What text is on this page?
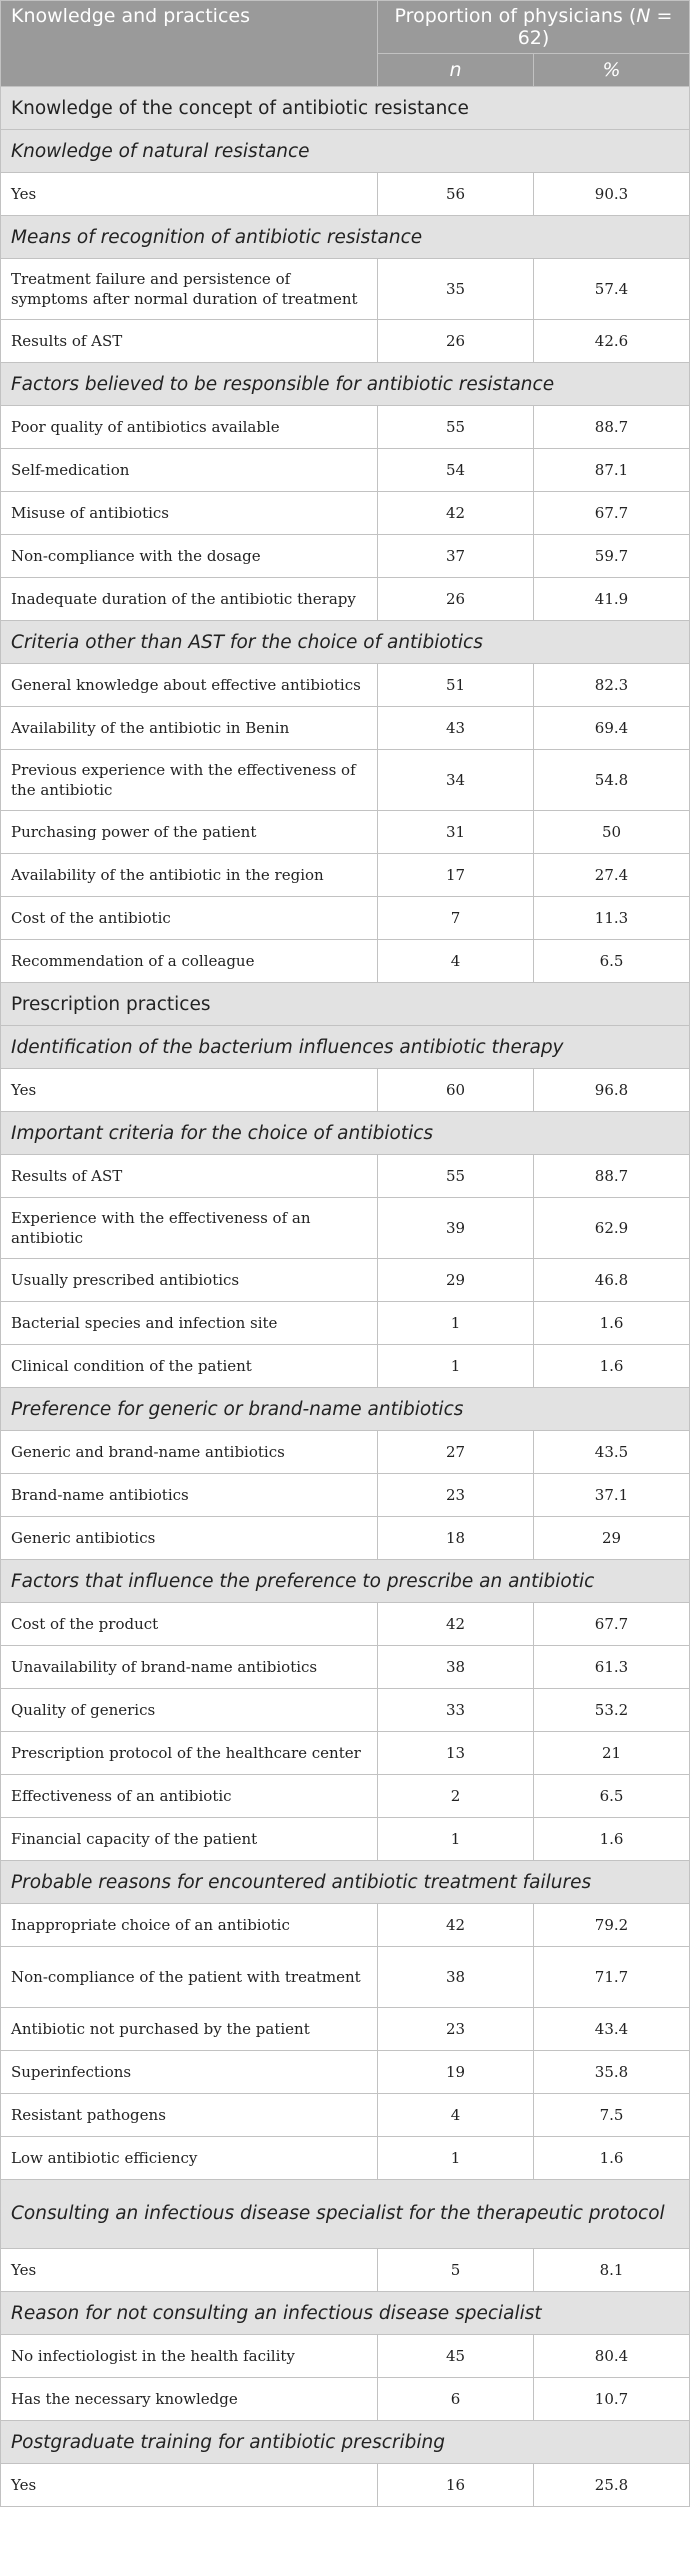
Knowledge and practices	Proportion of physicians (N = 62)	
	n	%
Knowledge of the concept of antibiotic resistance		
Knowledge of natural resistance		
Yes	56	90.3
Means of recognition of antibiotic resistance		
Treatment failure and persistence of symptoms after normal duration of treatment	35	57.4
Results of AST	26	42.6
Factors believed to be responsible for antibiotic resistance		
Poor quality of antibiotics available	55	88.7
Self-medication	54	87.1
Misuse of antibiotics	42	67.7
Non-compliance with the dosage	37	59.7
Inadequate duration of the antibiotic therapy	26	41.9
Criteria other than AST for the choice of antibiotics		
General knowledge about effective antibiotics	51	82.3
Availability of the antibiotic in Benin	43	69.4
Previous experience with the effectiveness of the antibiotic	34	54.8
Purchasing power of the patient	31	50
Availability of the antibiotic in the region	17	27.4
Cost of the antibiotic	7	11.3
Recommendation of a colleague	4	6.5
Prescription practices		
Identification of the bacterium influences antibiotic therapy		
Yes	60	96.8
Important criteria for the choice of antibiotics		
Results of AST	55	88.7
Experience with the effectiveness of an antibiotic	39	62.9
Usually prescribed antibiotics	29	46.8
Bacterial species and infection site	1	1.6
Clinical condition of the patient	1	1.6
Preference for generic or brand-name antibiotics		
Generic and brand-name antibiotics	27	43.5
Brand-name antibiotics	23	37.1
Generic antibiotics	18	29
Factors that influence the preference to prescribe an antibiotic		
Cost of the product	42	67.7
Unavailability of brand-name antibiotics	38	61.3
Quality of generics	33	53.2
Prescription protocol of the healthcare center	13	21
Effectiveness of an antibiotic	2	6.5
Financial capacity of the patient	1	1.6
Probable reasons for encountered antibiotic treatment failures		
Inappropriate choice of an antibiotic	42	79.2
Non-compliance of the patient with treatment	38	71.7
Antibiotic not purchased by the patient	23	43.4
Superinfections	19	35.8
Resistant pathogens	4	7.5
Low antibiotic efficiency	1	1.6
Consulting an infectious disease specialist for the therapeutic protocol		
Yes	5	8.1
Reason for not consulting an infectious disease specialist		
No infectiologist in the health facility	45	80.4
Has the necessary knowledge	6	10.7
Postgraduate training for antibiotic prescribing		
Yes	16	25.8
